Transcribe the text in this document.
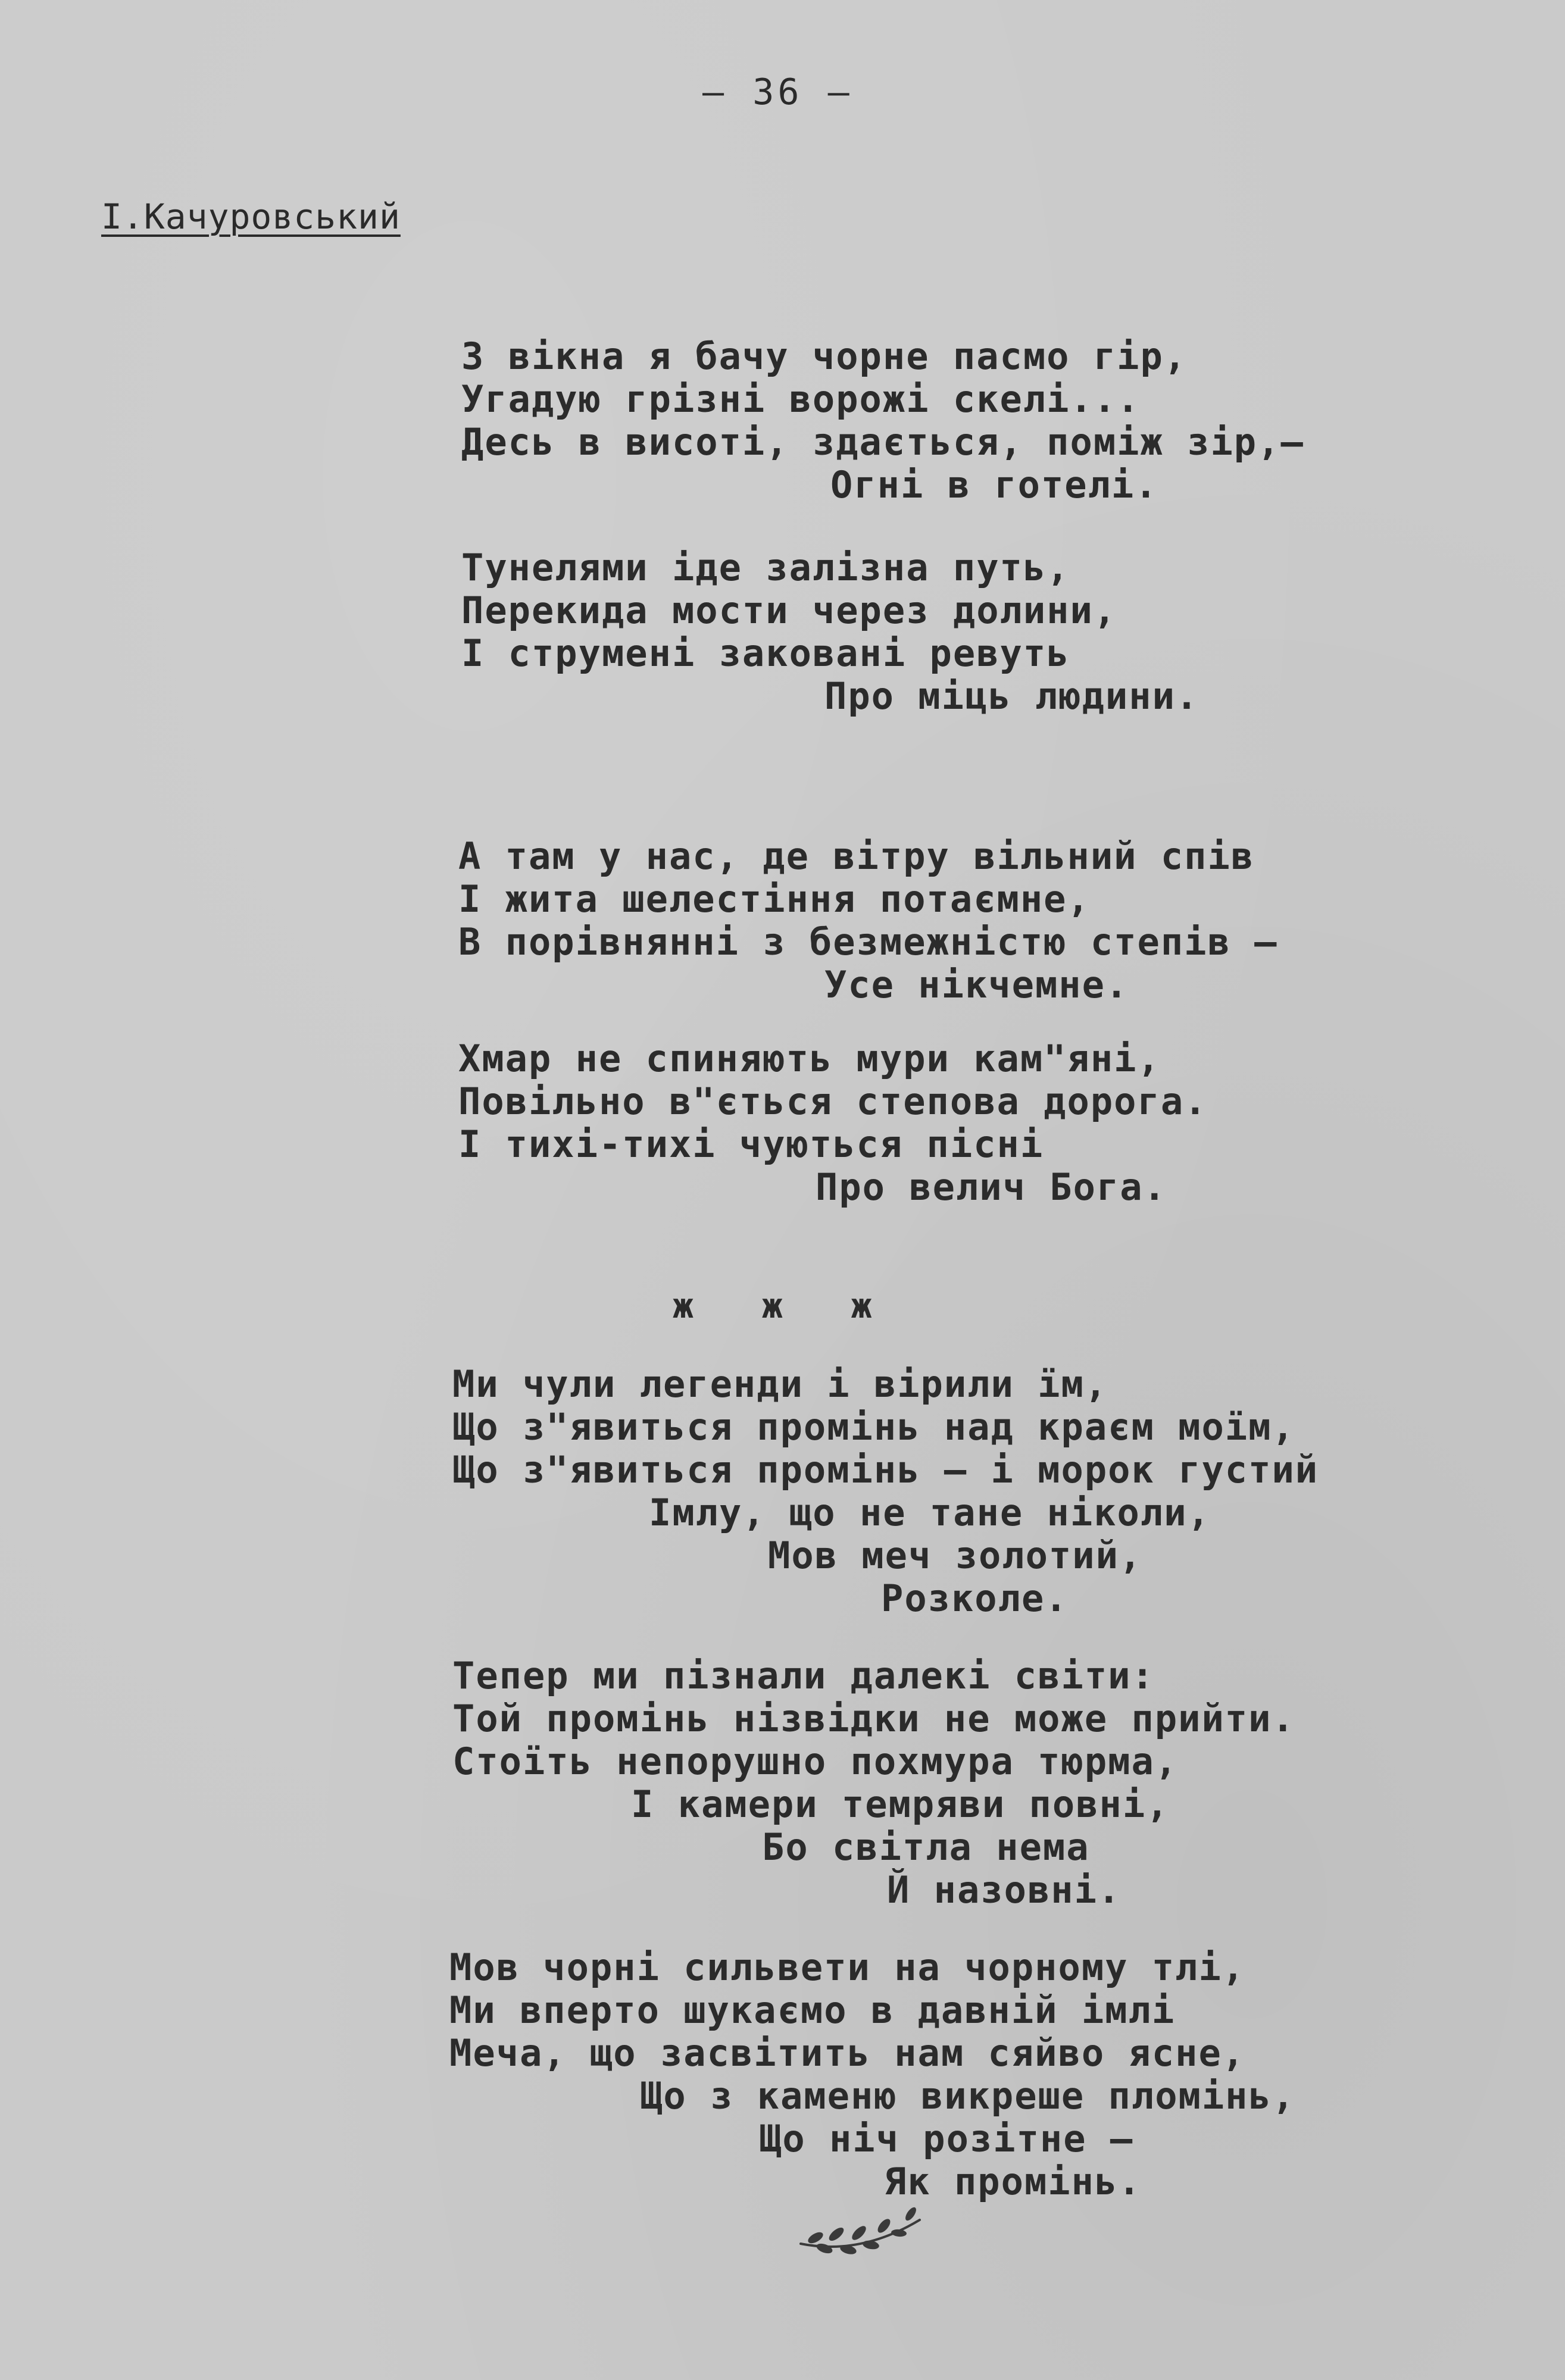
– 36 –
І.Качуровський
З вікна я бачу чорне пасмо гір,
Угадую грізні ворожі скелі...
Десь в висоті, здається, поміж зір,–
Огні в готелі.
Тунелями іде залізна путь,
Перекида мости через долини,
І струмені заковані ревуть
Про міць людини.
А там у нас, де вітру вільний спів
І жита шелестіння потаємне,
В порівнянні з безмежністю степів –
Усе нікчемне.
Хмар не спиняють мури кам"яні,
Повільно в"ється степова дорога.
І тихі-тихі чуються пісні
Про велич Бога.
ж ж ж
Ми чули легенди і вірили їм,
Що з"явиться промінь над краєм моїм,
Що з"явиться промінь – і морок густий
Імлу, що не тане ніколи,
Мов меч золотий,
Розколе.
Тепер ми пізнали далекі світи:
Той промінь нізвідки не може прийти.
Стоїть непорушно похмура тюрма,
І камери темряви повні,
Бо світла нема
Й назовні.
Мов чорні сильвети на чорному тлі,
Ми вперто шукаємо в давній імлі
Меча, що засвітить нам сяйво ясне,
Що з каменю викреше пломінь,
Що ніч розітне –
Як промінь.
